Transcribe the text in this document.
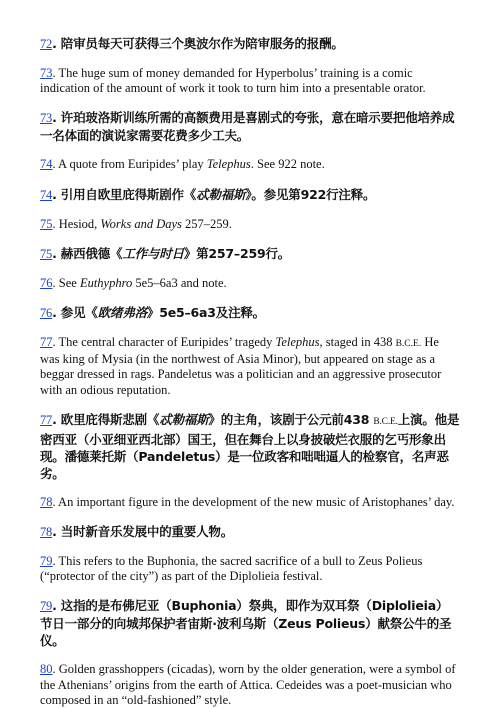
72. 陪审员每天可获得三个奥波尔作为陪审服务的报酬。

73. The huge sum of money demanded for Hyperbolus’ training is a comic indication of the amount of work it took to turn him into a presentable orator.

73. 许珀玻洛斯训练所需的高额费用是喜剧式的夸张，意在暗示要把他培养成一名体面的演说家需要花费多少工夫。

74. A quote from Euripides’ play Telephus. See 922 note.

74. 引用自欧里庇得斯剧作《忒勒福斯》。参见第922行注释。

75. Hesiod, Works and Days 257–259.

75. 赫西俄德《工作与时日》第257–259行。

76. See Euthyphro 5e5–6a3 and note.

76. 参见《欧绪弗洛》5e5–6a3及注释。

77. The central character of Euripides’ tragedy Telephus, staged in 438 B.C.E. He was king of Mysia (in the northwest of Asia Minor), but appeared on stage as a beggar dressed in rags. Pandeletus was a politician and an aggressive prosecutor with an odious reputation.

77. 欧里庇得斯悲剧《忒勒福斯》的主角，该剧于公元前438 B.C.E.上演。他是密西亚（小亚细亚西北部）国王，但在舞台上以身披破烂衣服的乞丐形象出现。潘德莱托斯（Pandeletus）是一位政客和咄咄逼人的检察官，名声恶劣。

78. An important figure in the development of the new music of Aristophanes’ day.

78. 当时新音乐发展中的重要人物。

79. This refers to the Buphonia, the sacred sacrifice of a bull to Zeus Polieus (“protector of the city”) as part of the Diplolieia festival.

79. 这指的是布佛尼亚（Buphonia）祭典，即作为双耳祭（Diplolieia）节日一部分的向城邦保护者宙斯·波利乌斯（Zeus Polieus）献祭公牛的圣仪。

80. Golden grasshoppers (cicadas), worn by the older generation, were a symbol of the Athenians’ origins from the earth of Attica. Cedeides was a poet-musician who composed in an “old-fashioned” style.
